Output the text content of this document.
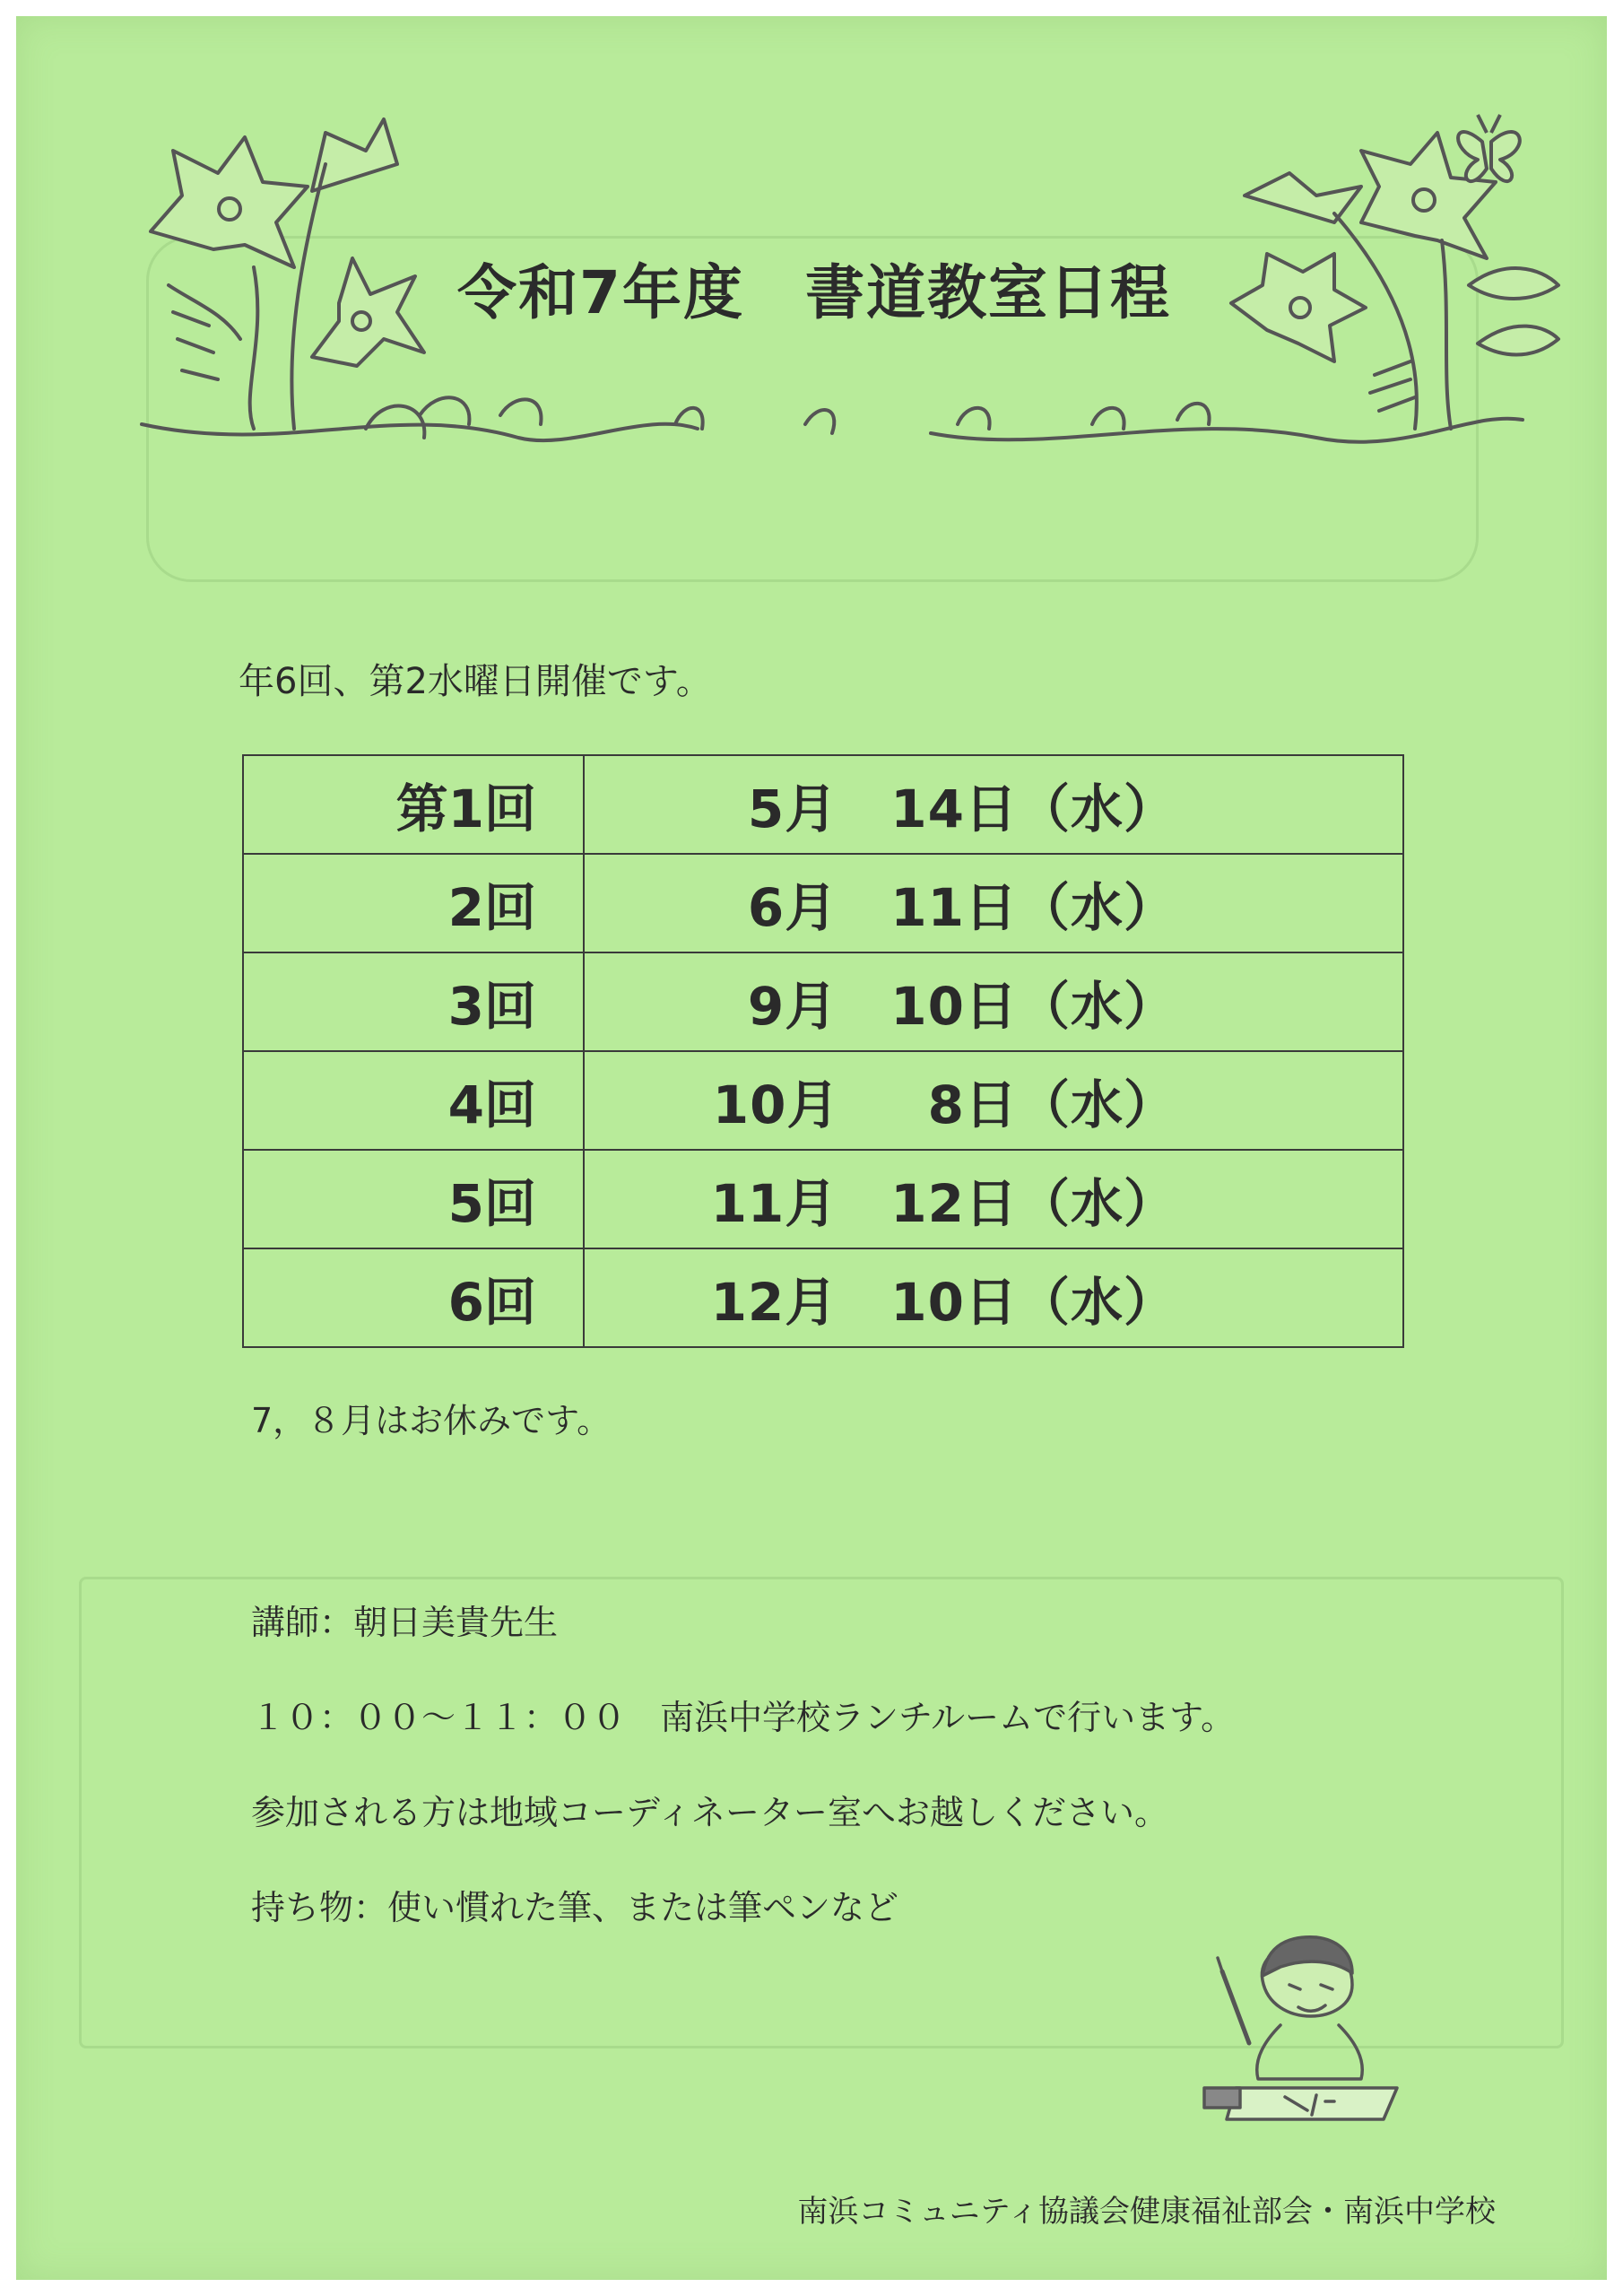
令和7年度　書道教室日程
年6回、第2水曜日開催です。
第1回	5月　14日（水）
2回	6月　11日（水）
3回	9月　10日（水）
4回	10月　 8日（水）
5回	11月　12日（水）
6回	12月　10日（水）
7，８月はお休みです。
講師：朝日美貴先生
１０：００～１１：００　南浜中学校ランチルームで行います。
参加される方は地域コーディネーター室へお越しください。
持ち物：使い慣れた筆、または筆ペンなど
南浜コミュニティ協議会健康福祉部会・南浜中学校
